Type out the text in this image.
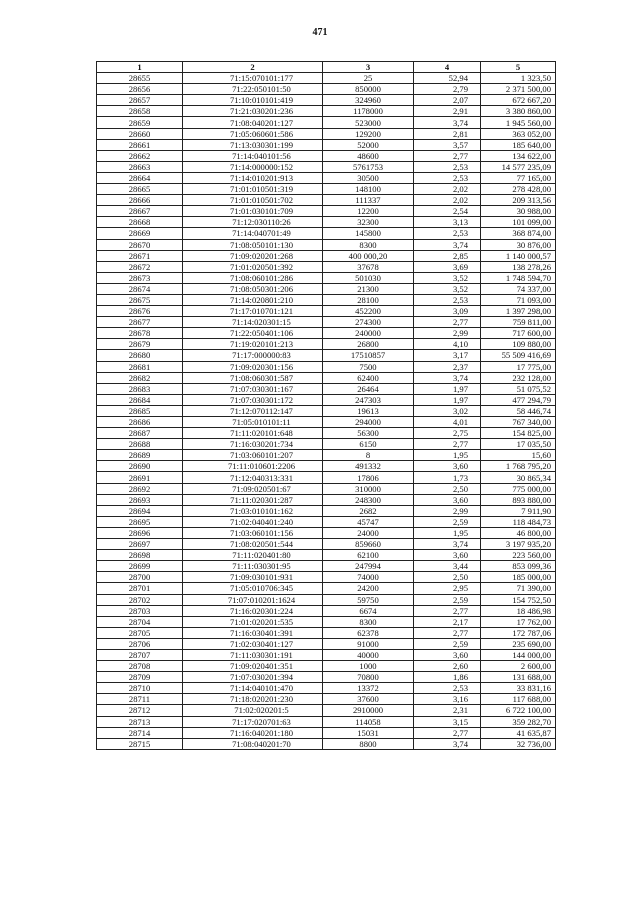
471
1	2	3	4	5
28655	71:15:070101:177	25	52,94	1 323,50
28656	71:22:050101:50	850000	2,79	2 371 500,00
28657	71:10:010101:419	324960	2,07	672 667,20
28658	71:21:030201:236	1178000	2,91	3 380 860,00
28659	71:08:040201:127	523000	3,74	1 945 560,00
28660	71:05:060601:586	129200	2,81	363 052,00
28661	71:13:030301:199	52000	3,57	185 640,00
28662	71:14:040101:56	48600	2,77	134 622,00
28663	71:14:000000:152	5761753	2,53	14 577 235,09
28664	71:14:010201:913	30500	2,53	77 165,00
28665	71:01:010501:319	148100	2,02	278 428,00
28666	71:01:010501:702	111337	2,02	209 313,56
28667	71:01:030101:709	12200	2,54	30 988,00
28668	71:12:030110:26	32300	3,13	101 099,00
28669	71:14:040701:49	145800	2,53	368 874,00
28670	71:08:050101:130	8300	3,74	30 876,00
28671	71:09:020201:268	400 000,20	2,85	1 140 000,57
28672	71:01:020501:392	37678	3,69	138 278,26
28673	71:08:060101:286	501030	3,52	1 748 594,70
28674	71:08:050301:206	21300	3,52	74 337,00
28675	71:14:020801:210	28100	2,53	71 093,00
28676	71:17:010701:121	452200	3,09	1 397 298,00
28677	71:14:020301:15	274300	2,77	759 811,00
28678	71:22:050401:106	240000	2,99	717 600,00
28679	71:19:020101:213	26800	4,10	109 880,00
28680	71:17:000000:83	17510857	3,17	55 509 416,69
28681	71:09:020301:156	7500	2,37	17 775,00
28682	71:08:060301:587	62400	3,74	232 128,00
28683	71:07:030301:167	26464	1,97	51 075,52
28684	71:07:030301:172	247303	1,97	477 294,79
28685	71:12:070112:147	19613	3,02	58 446,74
28686	71:05:010101:11	294000	4,01	767 340,00
28687	71:11:020101:648	56300	2,75	154 825,00
28688	71:16:030201:734	6150	2,77	17 035,50
28689	71:03:060101:207	8	1,95	15,60
28690	71:11:010601:2206	491332	3,60	1 768 795,20
28691	71:12:040313:331	17806	1,73	30 865,34
28692	71:09:020501:67	310000	2,50	775 000,00
28693	71:11:020301:287	248300	3,60	893 880,00
28694	71:03:010101:162	2682	2,99	7 911,90
28695	71:02:040401:240	45747	2,59	118 484,73
28696	71:03:060101:156	24000	1,95	46 800,00
28697	71:08:020501:544	859660	3,74	3 197 935,20
28698	71:11:020401:80	62100	3,60	223 560,00
28699	71:11:030301:95	247994	3,44	853 099,36
28700	71:09:030101:931	74000	2,50	185 000,00
28701	71:05:010706:345	24200	2,95	71 390,00
28702	71:07:010201:1624	59750	2,59	154 752,50
28703	71:16:020301:224	6674	2,77	18 486,98
28704	71:01:020201:535	8300	2,17	17 762,00
28705	71:16:030401:391	62378	2,77	172 787,06
28706	71:02:030401:127	91000	2,59	235 690,00
28707	71:11:030301:191	40000	3,60	144 000,00
28708	71:09:020401:351	1000	2,60	2 600,00
28709	71:07:030201:394	70800	1,86	131 688,00
28710	71:14:040101:470	13372	2,53	33 831,16
28711	71:18:020201:230	37600	3,16	117 688,00
28712	71:02:020201:5	2910000	2,31	6 722 100,00
28713	71:17:020701:63	114058	3,15	359 282,70
28714	71:16:040201:180	15031	2,77	41 635,87
28715	71:08:040201:70	8800	3,74	32 736,00
